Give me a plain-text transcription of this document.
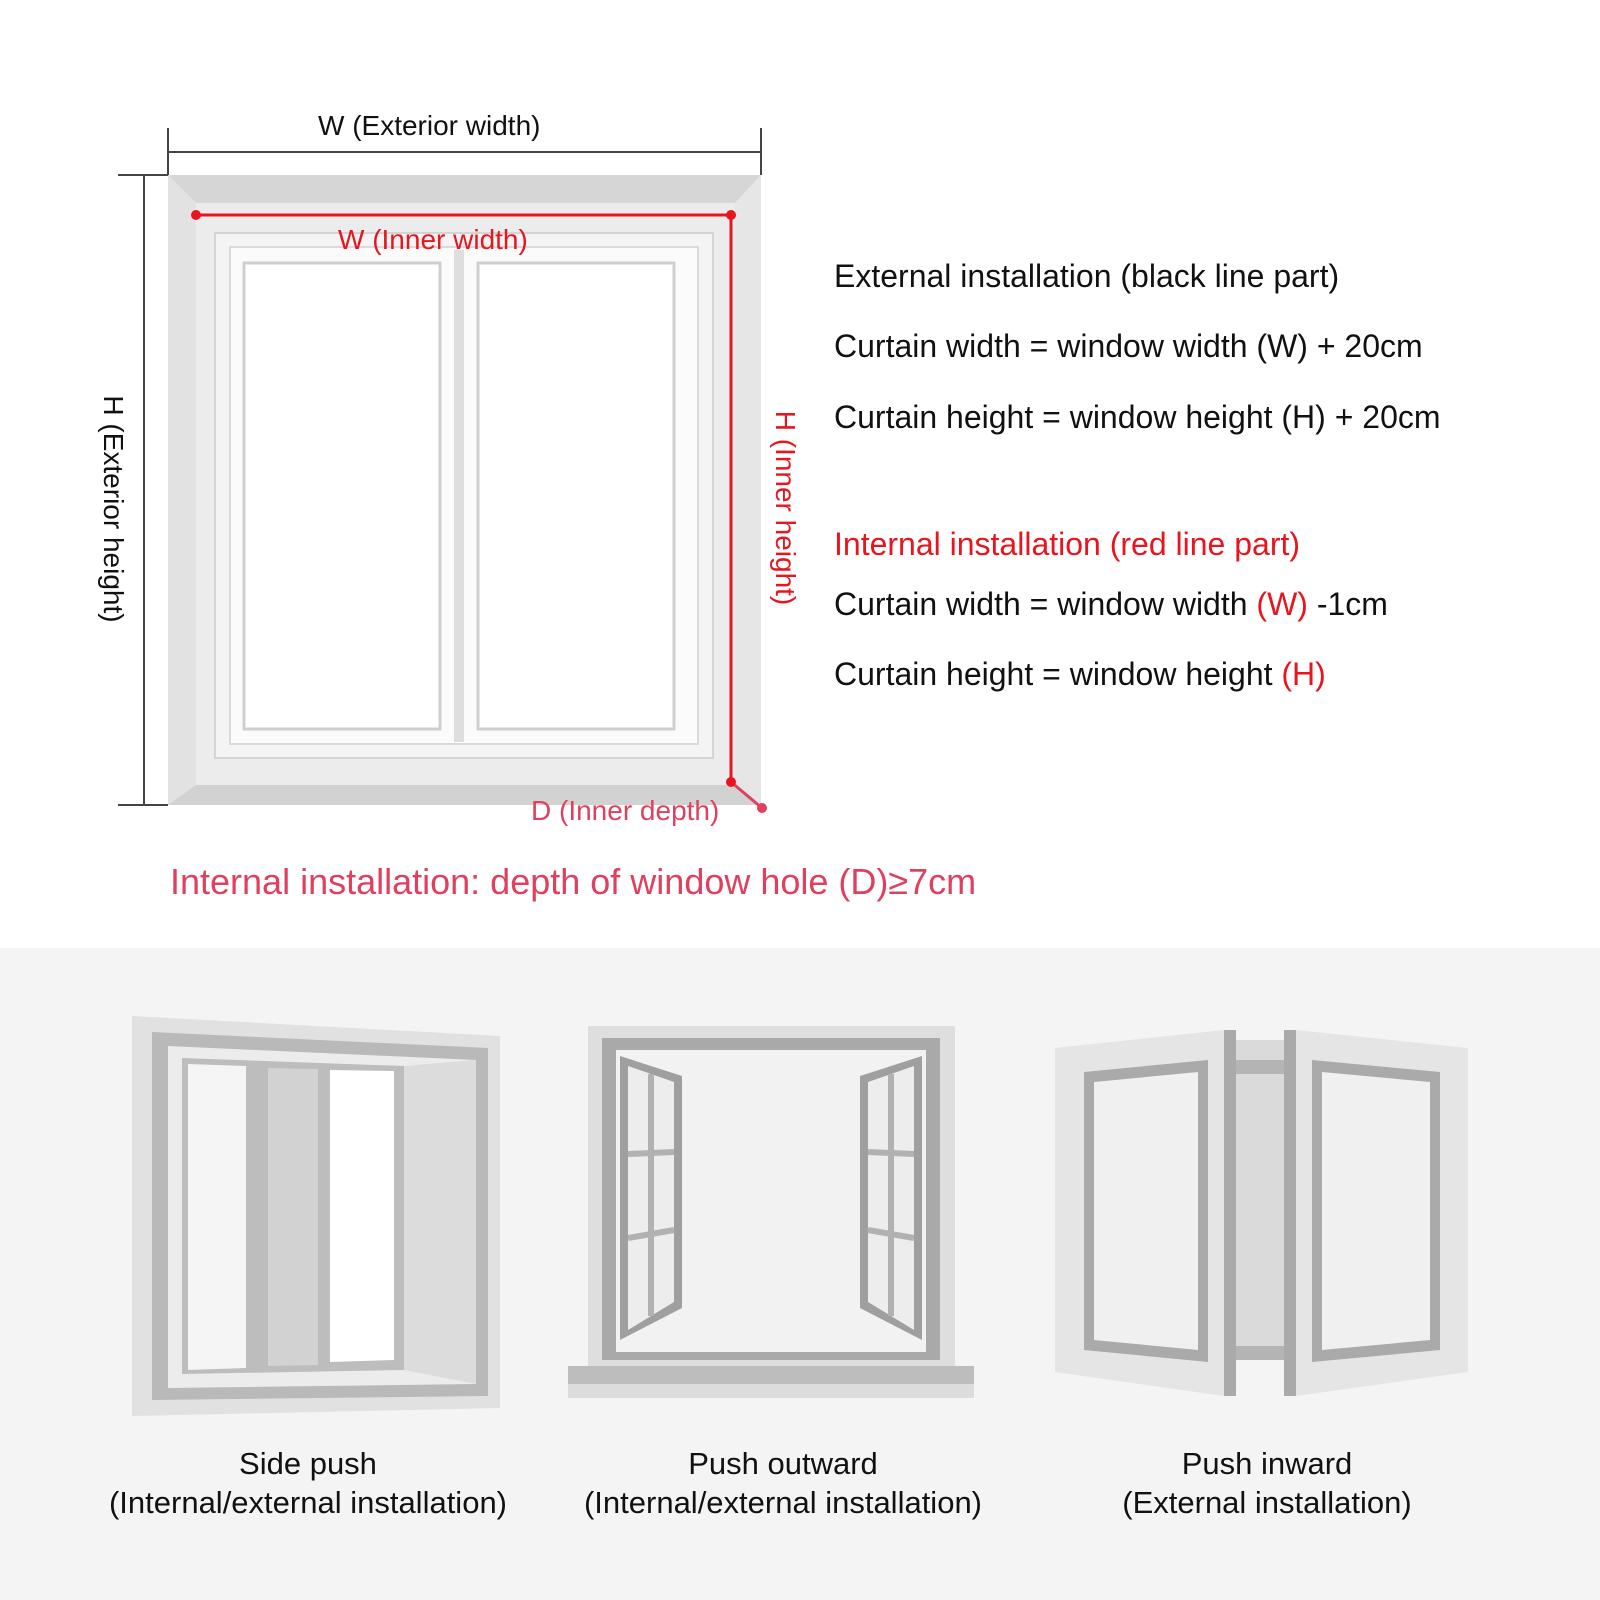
W (Exterior width)
W (Inner width)
H (Exterior height)	H (Inner height)
D (Inner depth)
Internal installation: depth of window hole (D)≥7cm
External installation (black line part)
Curtain width = window width (W) + 20cm
Curtain height = window height (H) + 20cm
Internal installation (red line part)
Curtain width = window width (W) -1cm
Curtain height = window height (H)
Side push
(Internal/external installation)
Push outward
(Internal/external installation)
Push inward
(External installation)
